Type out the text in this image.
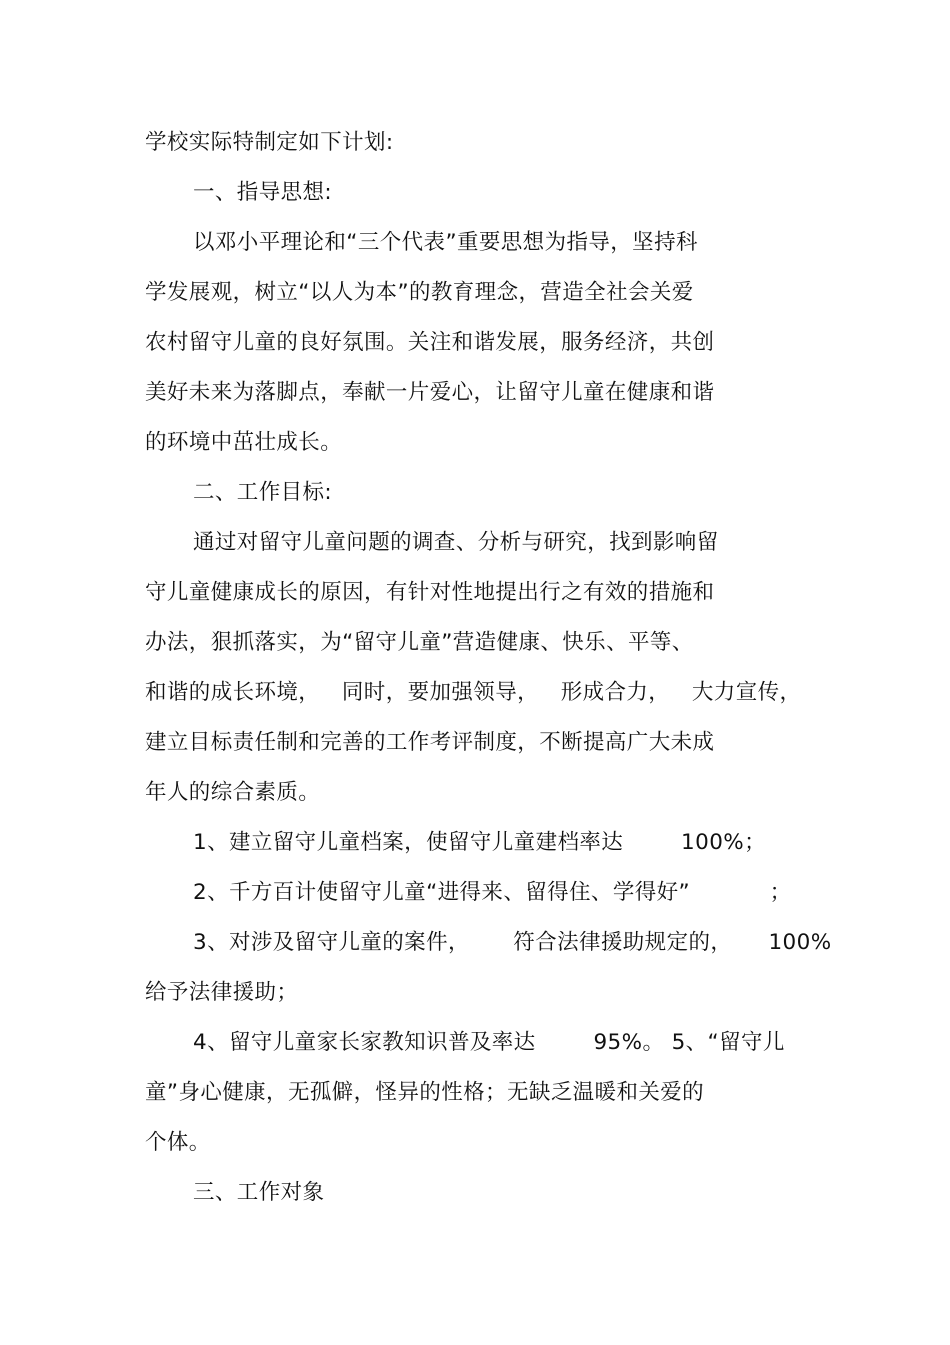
学校实际特制定如下计划:
一、指导思想:
以邓小平理论和“三个代表”重要思想为指导，坚持科
学发展观，树立“以人为本”的教育理念，营造全社会关爱
农村留守儿童的良好氛围。关注和谐发展，服务经济，共创
美好未来为落脚点，奉献一片爱心，让留守儿童在健康和谐
的环境中茁壮成长。
二、工作目标:
通过对留守儿童问题的调查、分析与研究，找到影响留
守儿童健康成长的原因，有针对性地提出行之有效的措施和
办法，狠抓落实，为“留守儿童”营造健康、快乐、平等、
和谐的成长环境，   同时，要加强领导，   形成合力，   大力宣传，
建立目标责任制和完善的工作考评制度，不断提高广大未成
年人的综合素质。
1、建立留守儿童档案，使留守儿童建档率达        100%；
2、千方百计使留守儿童“进得来、留得住、学得好”           ；
3、对涉及留守儿童的案件，      符合法律援助规定的，     100%
给予法律援助；
4、留守儿童家长家教知识普及率达        95%。 5、“留守儿
童”身心健康，无孤僻，怪异的性格；无缺乏温暖和关爱的
个体。
三、工作对象
